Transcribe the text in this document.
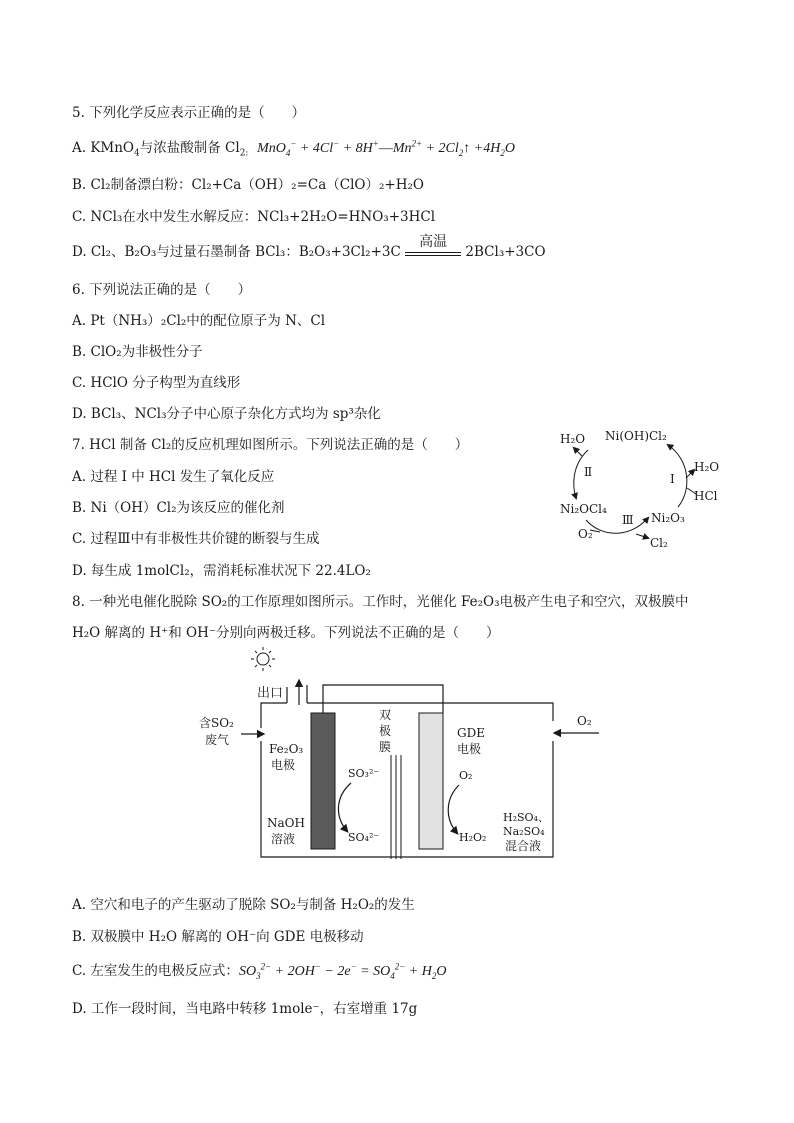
5. 下列化学反应表示正确的是（　　）
A. KMnO$_4$与浓盐酸制备 $Cl_{2:}$ $MnO_4^- + 4Cl^- + 8H^+—Mn^{2+}$ + $2Cl_2↑ +4H_2O$
B. Cl₂制备漂白粉：Cl₂+Ca（OH）₂=Ca（ClO）₂+H₂O
C. NCl₃在水中发生水解反应：NCl₃+2H₂O=HNO₃+3HCl
D. Cl₂、B₂O₃与过量石墨制备 BCl₃：B₂O₃+3Cl₂+3C
高温
2BCl₃+3CO
6. 下列说法正确的是（　　）
A. Pt（NH₃）₂Cl₂中的配位原子为 N、Cl
B. ClO₂为非极性分子
C. HClO 分子构型为直线形
D. BCl₃、NCl₃分子中心原子杂化方式均为 sp³杂化
7. HCl 制备 Cl₂的反应机理如图所示。下列说法正确的是（　　）
A. 过程 Ⅰ 中 HCl 发生了氧化反应
B. Ni（OH）Cl₂为该反应的催化剂
C. 过程Ⅲ中有非极性共价键的断裂与生成
D. 每生成 1molCl₂，需消耗标准状况下 22.4LO₂
H₂O Ni(OH)Cl₂
H₂O
HCl
Ⅰ
Ⅱ
Ⅲ
Ni₂OCl₄
Ni₂O₃
O₂
Cl₂
8. 一种光电催化脱除 SO₂的工作原理如图所示。工作时，光催化 Fe₂O₃电极产生电子和空穴，双极膜中
H₂O 解离的 H⁺和 OH⁻分别向两极迁移。下列说法不正确的是（　　）
出口
含SO₂
废气
O₂
双
极
膜
Fe₂O₃
电极
NaOH
溶液
SO₃²⁻
SO₄²⁻
GDE
电极
O₂
H₂O₂
H₂SO₄、
Na₂SO₄
混合液
A. 空穴和电子的产生驱动了脱除 SO₂与制备 H₂O₂的发生
B. 双极膜中 H₂O 解离的 OH⁻向 GDE 电极移动
C. 左室发生的电极反应式：$SO_3^{2-} + 2OH^- - 2e^- = SO_4^{2-} + H_2O$
D. 工作一段时间，当电路中转移 1mole⁻，右室增重 17g
